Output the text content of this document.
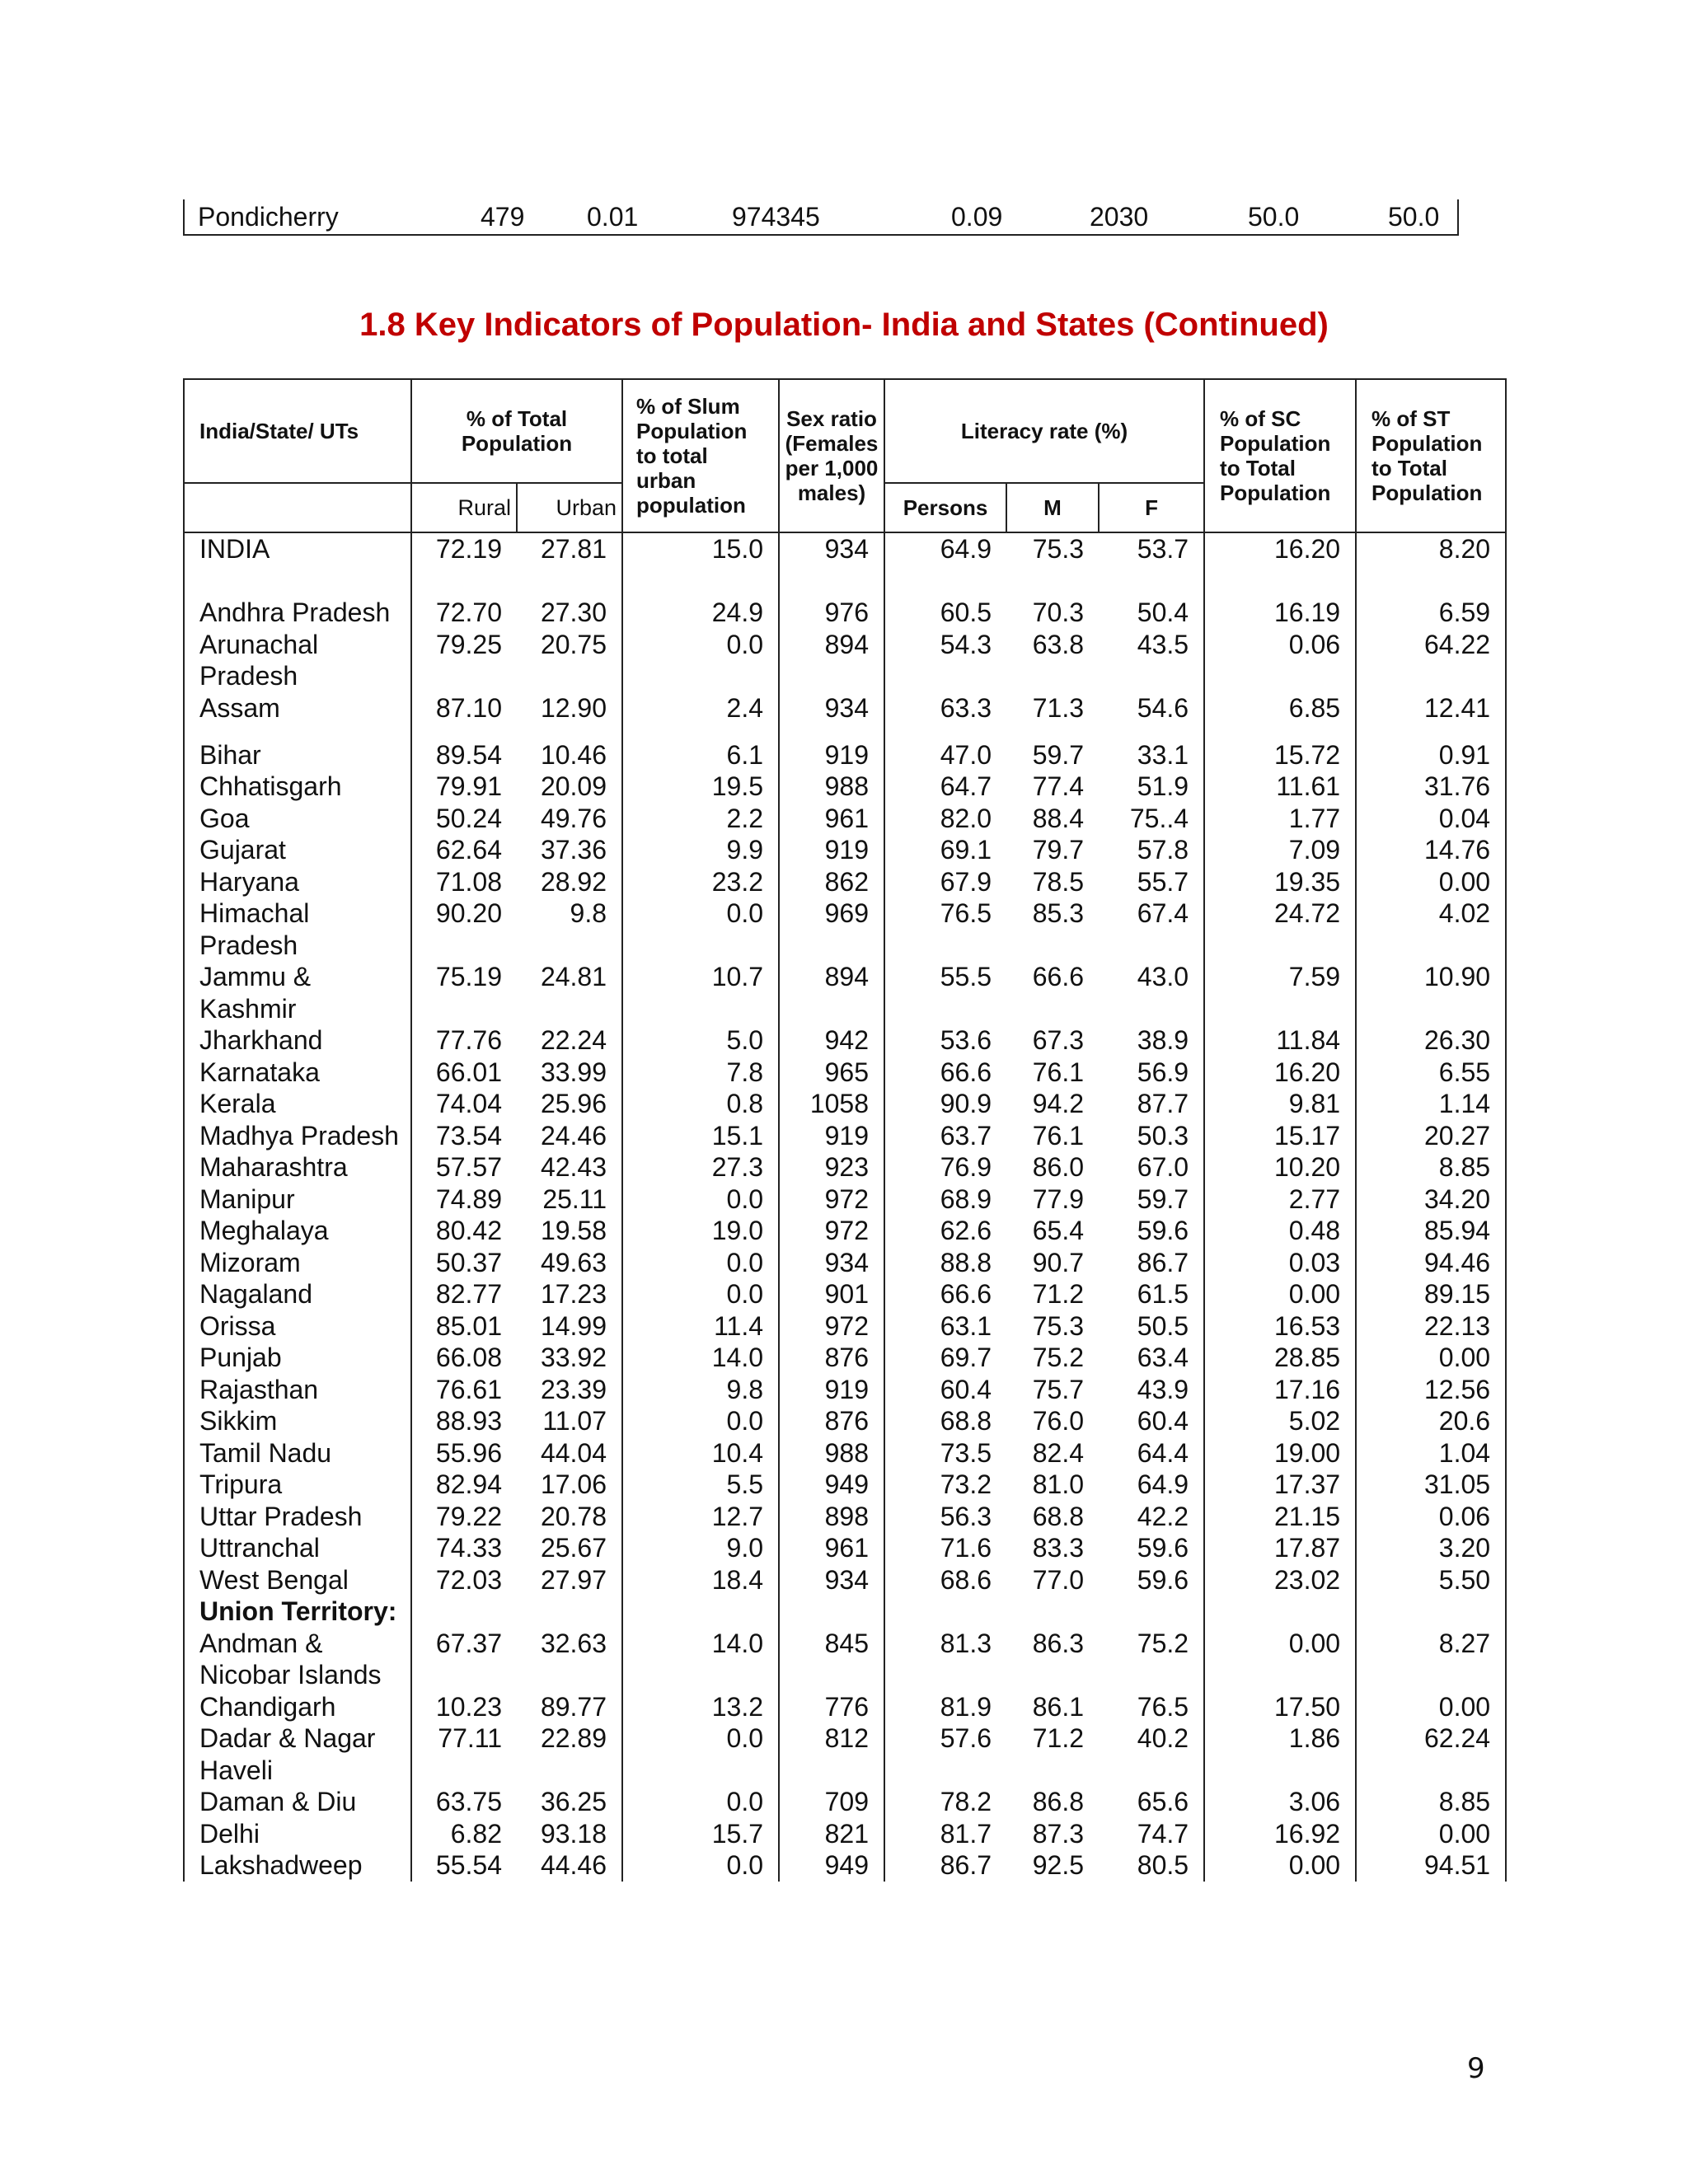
Pondicherry	479 0.01	974345	0.09	2030	50.0	50.0
1.8 Key Indicators of Population- India and States (Continued)
India/State/ UTs	% of Total Population		% of Slum Population to total urban population	Sex ratio (Females per 1,000 males)	Literacy rate (%)			% of SC Population to Total Population	% of ST Population to Total Population
	Rural	Urban			Persons	M	F		
INDIA	72.19	27.81	15.0	934	64.9	75.3	53.7	16.20	8.20
Andhra Pradesh	72.70	27.30	24.9	976	60.5	70.3	50.4	16.19	6.59
Arunachal Pradesh	79.25	20.75	0.0	894	54.3	63.8	43.5	0.06	64.22
Assam	87.10	12.90	2.4	934	63.3	71.3	54.6	6.85	12.41
Bihar	89.54	10.46	6.1	919	47.0	59.7	33.1	15.72	0.91
Chhatisgarh	79.91	20.09	19.5	988	64.7	77.4	51.9	11.61	31.76
Goa	50.24	49.76	2.2	961	82.0	88.4	75..4	1.77	0.04
Gujarat	62.64	37.36	9.9	919	69.1	79.7	57.8	7.09	14.76
Haryana	71.08	28.92	23.2	862	67.9	78.5	55.7	19.35	0.00
Himachal Pradesh	90.20	9.8	0.0	969	76.5	85.3	67.4	24.72	4.02
Jammu & Kashmir	75.19	24.81	10.7	894	55.5	66.6	43.0	7.59	10.90
Jharkhand	77.76	22.24	5.0	942	53.6	67.3	38.9	11.84	26.30
Karnataka	66.01	33.99	7.8	965	66.6	76.1	56.9	16.20	6.55
Kerala	74.04	25.96	0.8	1058	90.9	94.2	87.7	9.81	1.14
Madhya Pradesh	73.54	24.46	15.1	919	63.7	76.1	50.3	15.17	20.27
Maharashtra	57.57	42.43	27.3	923	76.9	86.0	67.0	10.20	8.85
Manipur	74.89	25.11	0.0	972	68.9	77.9	59.7	2.77	34.20
Meghalaya	80.42	19.58	19.0	972	62.6	65.4	59.6	0.48	85.94
Mizoram	50.37	49.63	0.0	934	88.8	90.7	86.7	0.03	94.46
Nagaland	82.77	17.23	0.0	901	66.6	71.2	61.5	0.00	89.15
Orissa	85.01	14.99	11.4	972	63.1	75.3	50.5	16.53	22.13
Punjab	66.08	33.92	14.0	876	69.7	75.2	63.4	28.85	0.00
Rajasthan	76.61	23.39	9.8	919	60.4	75.7	43.9	17.16	12.56
Sikkim	88.93	11.07	0.0	876	68.8	76.0	60.4	5.02	20.6
Tamil Nadu	55.96	44.04	10.4	988	73.5	82.4	64.4	19.00	1.04
Tripura	82.94	17.06	5.5	949	73.2	81.0	64.9	17.37	31.05
Uttar Pradesh	79.22	20.78	12.7	898	56.3	68.8	42.2	21.15	0.06
Uttranchal	74.33	25.67	9.0	961	71.6	83.3	59.6	17.87	3.20
West Bengal	72.03	27.97	18.4	934	68.6	77.0	59.6	23.02	5.50
Union Territory:									
Andman & Nicobar Islands	67.37	32.63	14.0	845	81.3	86.3	75.2	0.00	8.27
Chandigarh	10.23	89.77	13.2	776	81.9	86.1	76.5	17.50	0.00
Dadar & Nagar Haveli	77.11	22.89	0.0	812	57.6	71.2	40.2	1.86	62.24
Daman & Diu	63.75	36.25	0.0	709	78.2	86.8	65.6	3.06	8.85
Delhi	6.82	93.18	15.7	821	81.7	87.3	74.7	16.92	0.00
Lakshadweep	55.54	44.46	0.0	949	86.7	92.5	80.5	0.00	94.51
9
